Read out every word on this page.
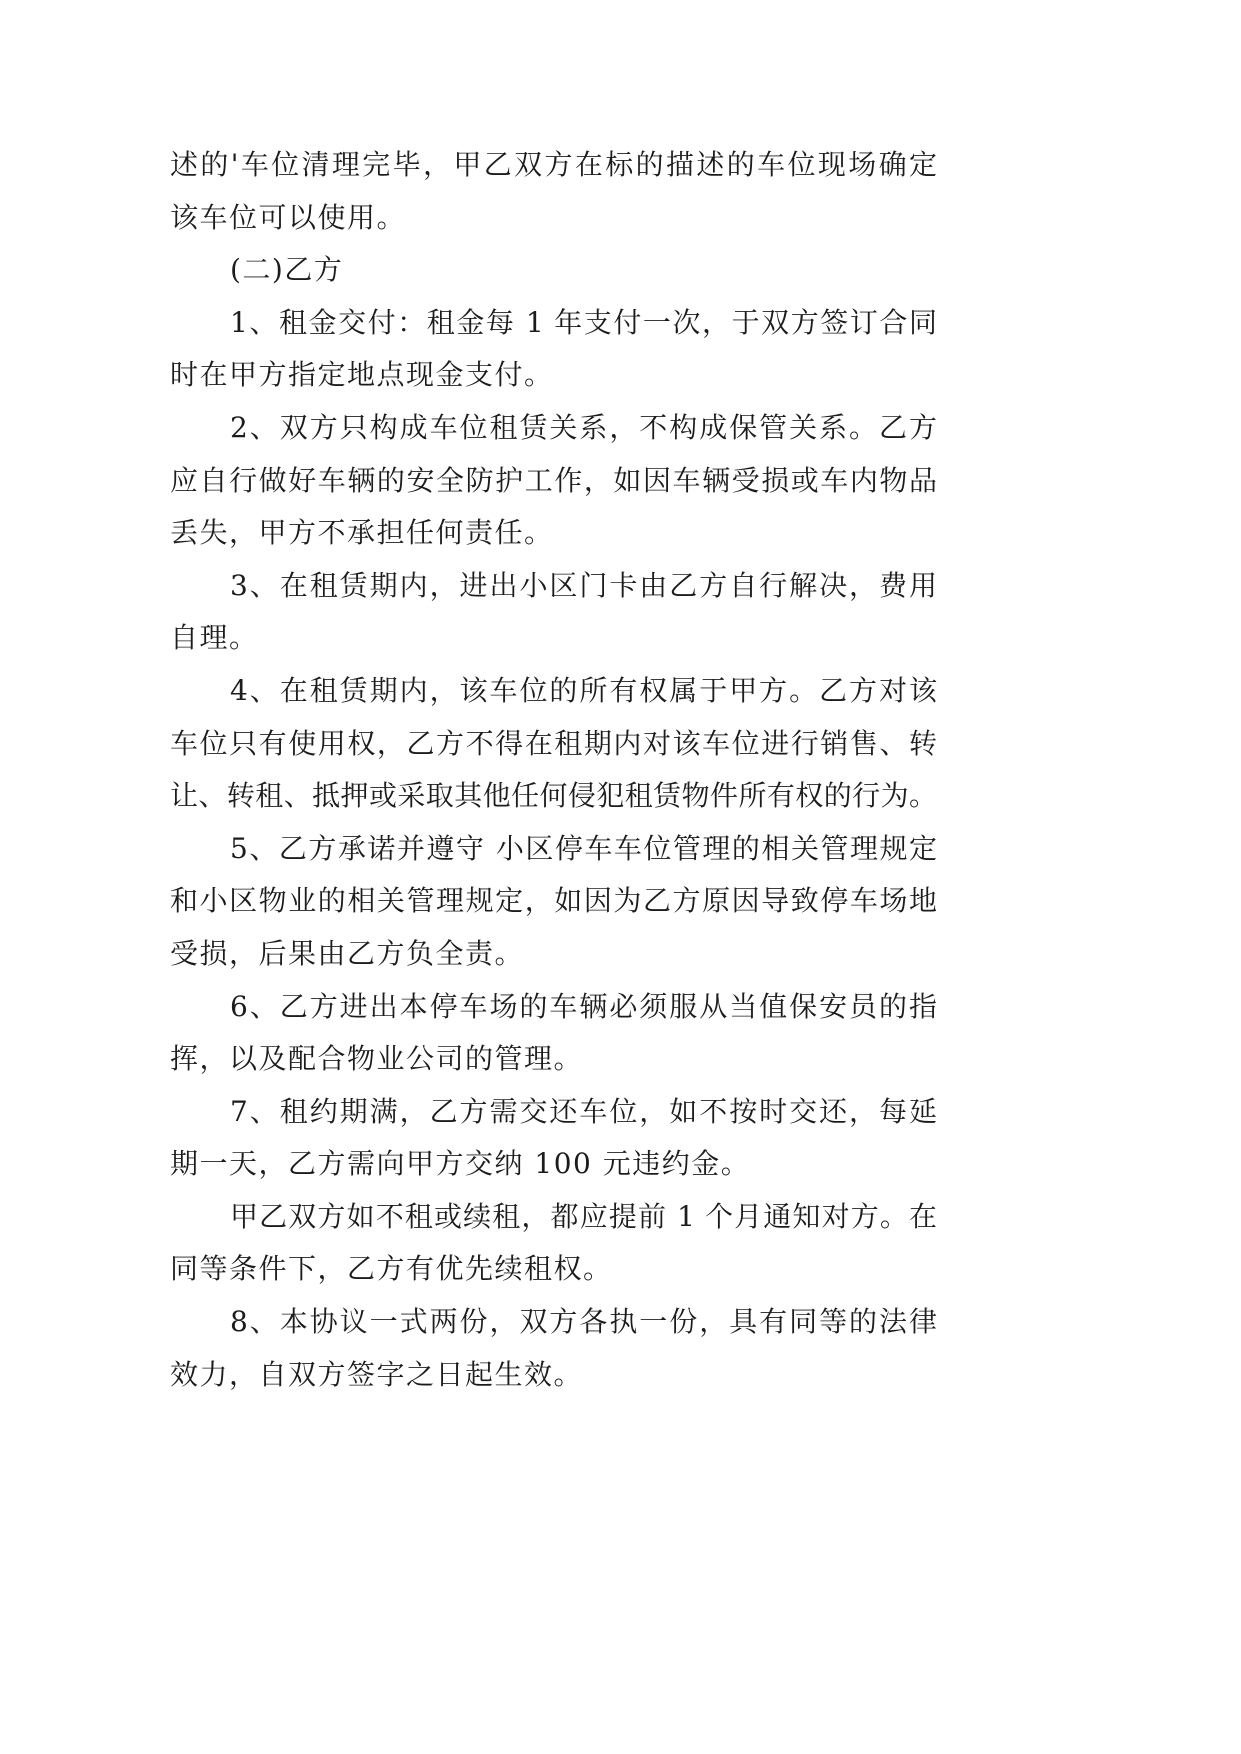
述的'车位清理完毕，甲乙双方在标的描述的车位现场确定
该车位可以使用。
(二)乙方
1、租金交付：租金每 1 年支付一次，于双方签订合同
时在甲方指定地点现金支付。
2、双方只构成车位租赁关系，不构成保管关系。乙方
应自行做好车辆的安全防护工作，如因车辆受损或车内物品
丢失，甲方不承担任何责任。
3、在租赁期内，进出小区门卡由乙方自行解决，费用
自理。
4、在租赁期内，该车位的所有权属于甲方。乙方对该
车位只有使用权，乙方不得在租期内对该车位进行销售、转
让、转租、抵押或采取其他任何侵犯租赁物件所有权的行为。
5、乙方承诺并遵守 小区停车车位管理的相关管理规定
和小区物业的相关管理规定，如因为乙方原因导致停车场地
受损，后果由乙方负全责。
6、乙方进出本停车场的车辆必须服从当值保安员的指
挥，以及配合物业公司的管理。
7、租约期满，乙方需交还车位，如不按时交还，每延
期一天，乙方需向甲方交纳 100 元违约金。
甲乙双方如不租或续租，都应提前 1 个月通知对方。在
同等条件下，乙方有优先续租权。
8、本协议一式两份，双方各执一份，具有同等的法律
效力，自双方签字之日起生效。
